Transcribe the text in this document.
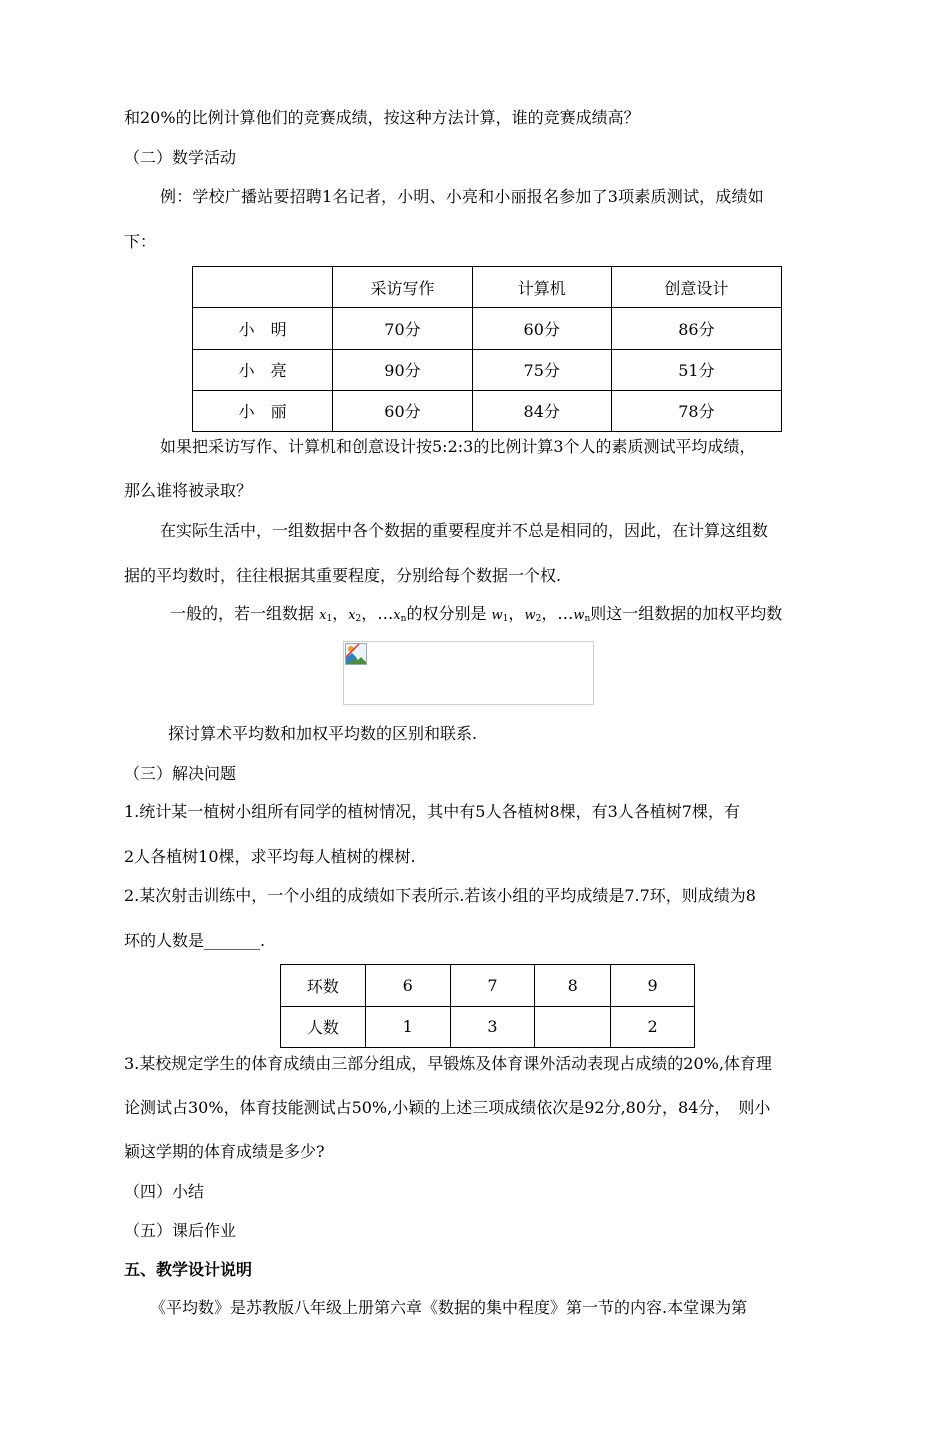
和20%的比例计算他们的竞赛成绩，按这种方法计算，谁的竞赛成绩高？
（二）数学活动
例：学校广播站要招聘1名记者，小明、小亮和小丽报名参加了3项素质测试，成绩如
下：
	采访写作	计算机	创意设计
小　明	70分	60分	86分
小　亮	90分	75分	51分
小　丽	60分	84分	78分
如果把采访写作、计算机和创意设计按5:2:3的比例计算3个人的素质测试平均成绩，
那么谁将被录取？
在实际生活中，一组数据中各个数据的重要程度并不总是相同的，因此，在计算这组数
据的平均数时，往往根据其重要程度，分别给每个数据一个权.
一般的，若一组数据 $x_1$，$x_2$，$\dots x_n$的权分别是 $w_1$，$w_2$，$\dots w_n$则这一组数据的加权平均数
探讨算术平均数和加权平均数的区别和联系.
（三）解决问题
1.统计某一植树小组所有同学的植树情况，其中有5人各植树8棵，有3人各植树7棵，有
2人各植树10棵，求平均每人植树的棵树.
2.某次射击训练中，一个小组的成绩如下表所示.若该小组的平均成绩是7.7环，则成绩为8
环的人数是_______.
环数	6	7	8	9
人数	1	3		2
3.某校规定学生的体育成绩由三部分组成，早锻炼及体育课外活动表现占成绩的20%,体育理
论测试占30%，体育技能测试占50%,小颖的上述三项成绩依次是92分,80分，84分，　则小
颖这学期的体育成绩是多少?
（四）小结
（五）课后作业
五、教学设计说明
《平均数》是苏教版八年级上册第六章《数据的集中程度》第一节的内容.本堂课为第
